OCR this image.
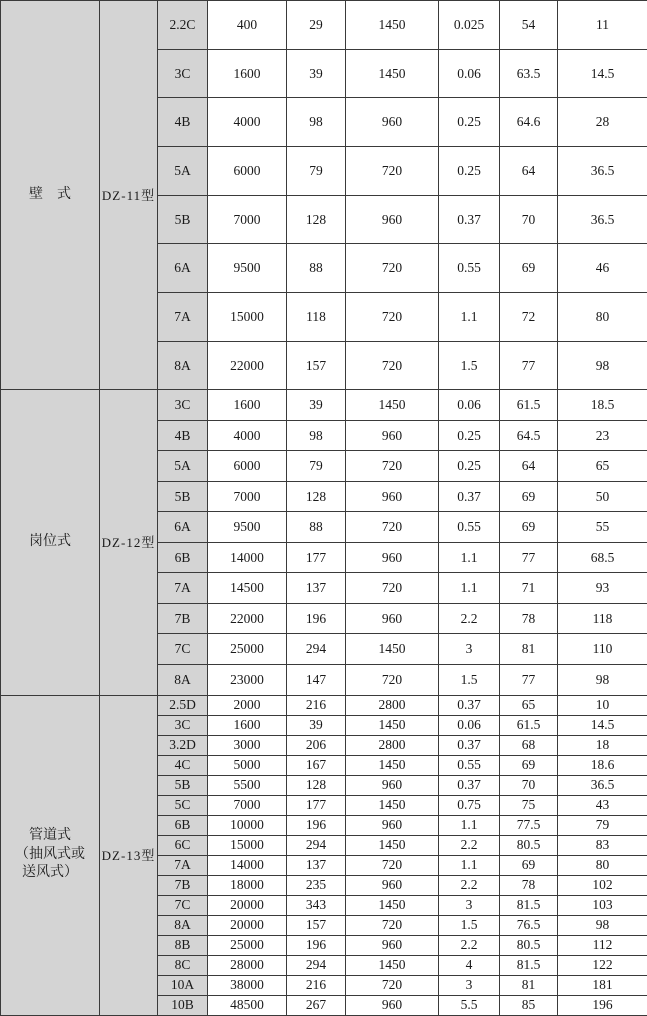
壁　式	DZ-11型	2.2C	400	29	1450	0.025	54	11	
		3C	1600	39	1450	0.06	63.5	14.5	
		4B	4000	98	960	0.25	64.6	28	
		5A	6000	79	720	0.25	64	36.5	
		5B	7000	128	960	0.37	70	36.5	
		6A	9500	88	720	0.55	69	46	
		7A	15000	118	720	1.1	72	80	
		8A	22000	157	720	1.5	77	98	
岗位式	DZ-12型	3C	1600	39	1450	0.06	61.5	18.5	
		4B	4000	98	960	0.25	64.5	23	
		5A	6000	79	720	0.25	64	65	
		5B	7000	128	960	0.37	69	50	
		6A	9500	88	720	0.55	69	55	
		6B	14000	177	960	1.1	77	68.5	
		7A	14500	137	720	1.1	71	93	
		7B	22000	196	960	2.2	78	118	
		7C	25000	294	1450	3	81	110	
		8A	23000	147	720	1.5	77	98	
管道式
（抽风式或
送风式）	DZ-13型	2.5D	2000	216	2800	0.37	65	10	
		3C	1600	39	1450	0.06	61.5	14.5	
		3.2D	3000	206	2800	0.37	68	18	
		4C	5000	167	1450	0.55	69	18.6	
		5B	5500	128	960	0.37	70	36.5	
		5C	7000	177	1450	0.75	75	43	
		6B	10000	196	960	1.1	77.5	79	
		6C	15000	294	1450	2.2	80.5	83	
		7A	14000	137	720	1.1	69	80	
		7B	18000	235	960	2.2	78	102	
		7C	20000	343	1450	3	81.5	103	
		8A	20000	157	720	1.5	76.5	98	
		8B	25000	196	960	2.2	80.5	112	
		8C	28000	294	1450	4	81.5	122	
		10A	38000	216	720	3	81	181	
		10B	48500	267	960	5.5	85	196	
